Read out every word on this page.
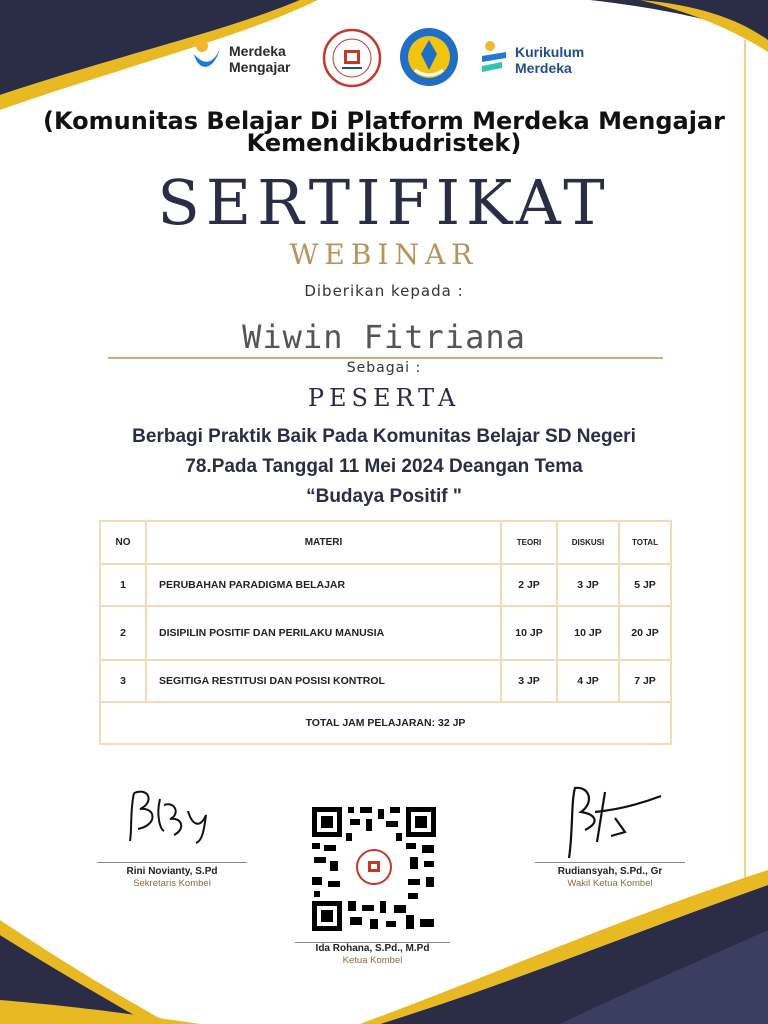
Merdeka
Mengajar
Kurikulum
Merdeka
(Komunitas Belajar Di Platform Merdeka Mengajar
Kemendikbudristek)
SERTIFIKAT
WEBINAR
Diberikan kepada :
Wiwin Fitriana
Sebagai :
PESERTA
Berbagi Praktik Baik Pada Komunitas Belajar SD Negeri
78.Pada Tanggal 11 Mei 2024 Deangan Tema
“Budaya Positif "
NO	MATERI	TEORI	DISKUSI	TOTAL
1	PERUBAHAN PARADIGMA BELAJAR	2 JP	3 JP	5 JP
2	DISIPILIN POSITIF DAN PERILAKU MANUSIA	10 JP	10 JP	20 JP
3	SEGITIGA RESTITUSI DAN POSISI KONTROL	3 JP	4 JP	7 JP
TOTAL JAM PELAJARAN: 32 JP				
Rini Novianty, S.Pd
Sekretaris Kombel
Rudiansyah, S.Pd., Gr
Wakil Ketua Kombel
Ida Rohana, S.Pd., M.Pd
Ketua Kombel
